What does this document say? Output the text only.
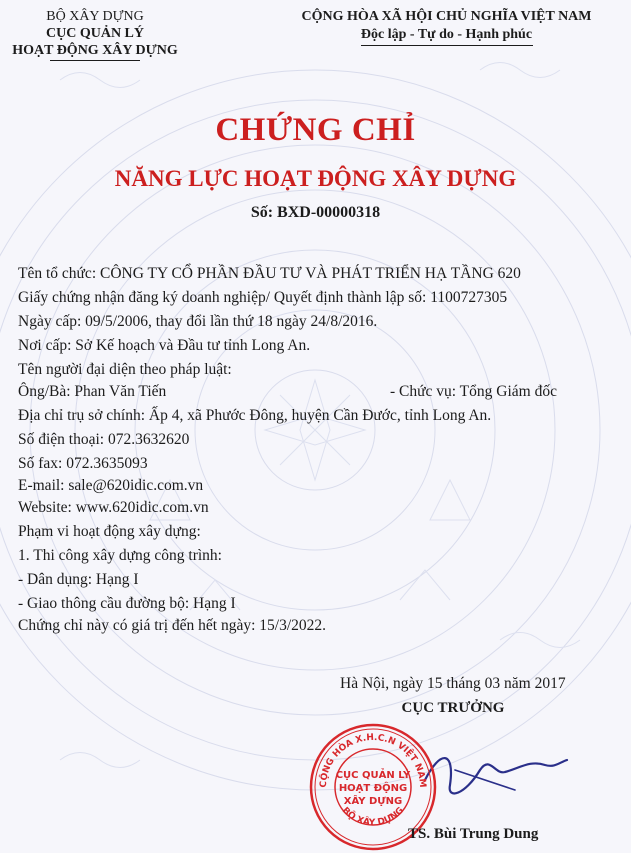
BỘ XÂY DỰNG
CỤC QUẢN LÝ
HOẠT ĐỘNG XÂY DỰNG
CỘNG HÒA XÃ HỘI CHỦ NGHĨA VIỆT NAM
Độc lập - Tự do - Hạnh phúc
CHỨNG CHỈ
NĂNG LỰC HOẠT ĐỘNG XÂY DỰNG
Số: BXD-00000318
Tên tổ chức: CÔNG TY CỔ PHẦN ĐẦU TƯ VÀ PHÁT TRIỂN HẠ TẦNG 620
Giấy chứng nhận đăng ký doanh nghiệp/ Quyết định thành lập số: 1100727305
Ngày cấp: 09/5/2006, thay đổi lần thứ 18 ngày 24/8/2016.
Nơi cấp: Sở Kế hoạch và Đầu tư tỉnh Long An.
Tên người đại diện theo pháp luật:
Ông/Bà: Phan Văn Tiến	- Chức vụ: Tổng Giám đốc
Địa chỉ trụ sở chính: Ấp 4, xã Phước Đông, huyện Cần Đước, tỉnh Long An.
Số điện thoại: 072.3632620
Số fax: 072.3635093
E-mail: sale@620idic.com.vn
Website: www.620idic.com.vn
Phạm vi hoạt động xây dựng:
1. Thi công xây dựng công trình:
- Dân dụng: Hạng I
- Giao thông cầu đường bộ: Hạng I
Chứng chỉ này có giá trị đến hết ngày: 15/3/2022.
Hà Nội, ngày 15 tháng 03 năm 2017
CỤC TRƯỞNG
CỘNG HÒA X.H.C.N VIỆT NAM
BỘ XÂY DỰNG
CỤC QUẢN LÝ
HOẠT ĐỘNG
XÂY DỰNG
TS. Bùi Trung Dung
